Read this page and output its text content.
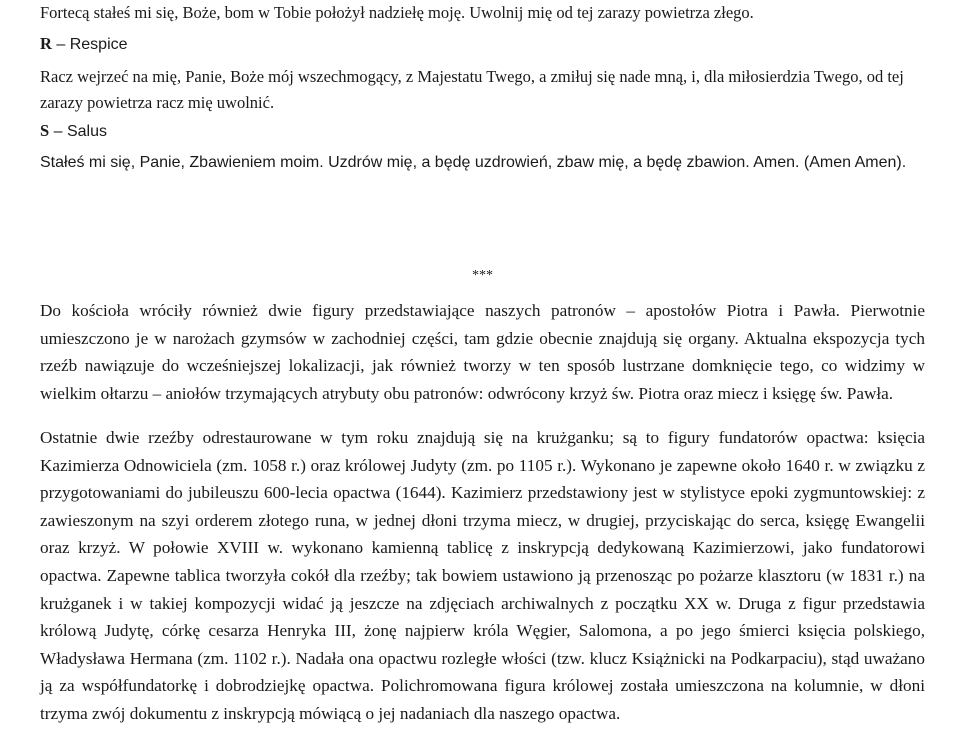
Fortecą stałeś mi się, Boże, bom w Tobie położył nadziełę moję. Uwolnij mię od tej zarazy powietrza złego.

R – Respice

Racz wejrzeć na mię, Panie, Boże mój wszechmogący, z Majestatu Twego, a zmiłuj się nade mną, i, dla miłosierdzia Twego, od tej zarazy powietrza racz mię uwolnić.

S – Salus

Stałeś mi się, Panie, Zbawieniem moim. Uzdrów mię, a będę uzdrowień, zbaw mię, a będę zbawion. Amen. (Amen Amen).

***

Do kościoła wróciły również dwie figury przedstawiające naszych patronów – apostołów Piotra i Pawła. Pierwotnie umieszczono je w narożach gzymsów w zachodniej części, tam gdzie obecnie znajdują się organy. Aktualna ekspozycja tych rzeźb nawiązuje do wcześniejszej lokalizacji, jak również tworzy w ten sposób lustrzane domknięcie tego, co widzimy w wielkim ołtarzu – aniołów trzymających atrybuty obu patronów: odwrócony krzyż św. Piotra oraz miecz i księgę św. Pawła.

Ostatnie dwie rzeźby odrestaurowane w tym roku znajdują się na krużganku; są to figury fundatorów opactwa: księcia Kazimierza Odnowiciela (zm. 1058 r.) oraz królowej Judyty (zm. po 1105 r.). Wykonano je zapewne około 1640 r. w związku z przygotowaniami do jubileuszu 600-lecia opactwa (1644). Kazimierz przedstawiony jest w stylistyce epoki zygmuntowskiej: z zawieszonym na szyi orderem złotego runa, w jednej dłoni trzyma miecz, w drugiej, przyciskając do serca, księgę Ewangelii oraz krzyż. W połowie XVIII w. wykonano kamienną tablicę z inskrypcją dedykowaną Kazimierzowi, jako fundatorowi opactwa. Zapewne tablica tworzyła cokół dla rzeźby; tak bowiem ustawiono ją przenosząc po pożarze klasztoru (w 1831 r.) na krużganek i w takiej kompozycji widać ją jeszcze na zdjęciach archiwalnych z początku XX w. Druga z figur przedstawia królową Judytę, córkę cesarza Henryka III, żonę najpierw króla Węgier, Salomona, a po jego śmierci księcia polskiego, Władysława Hermana (zm. 1102 r.). Nadała ona opactwu rozległe włości (tzw. klucz Książnicki na Podkarpaciu), stąd uważano ją za współfundatorkę i dobrodziejkę opactwa. Polichromowana figura królowej została umieszczona na kolumnie, w dłoni trzyma zwój dokumentu z inskrypcją mówiącą o jej nadaniach dla naszego opactwa.
